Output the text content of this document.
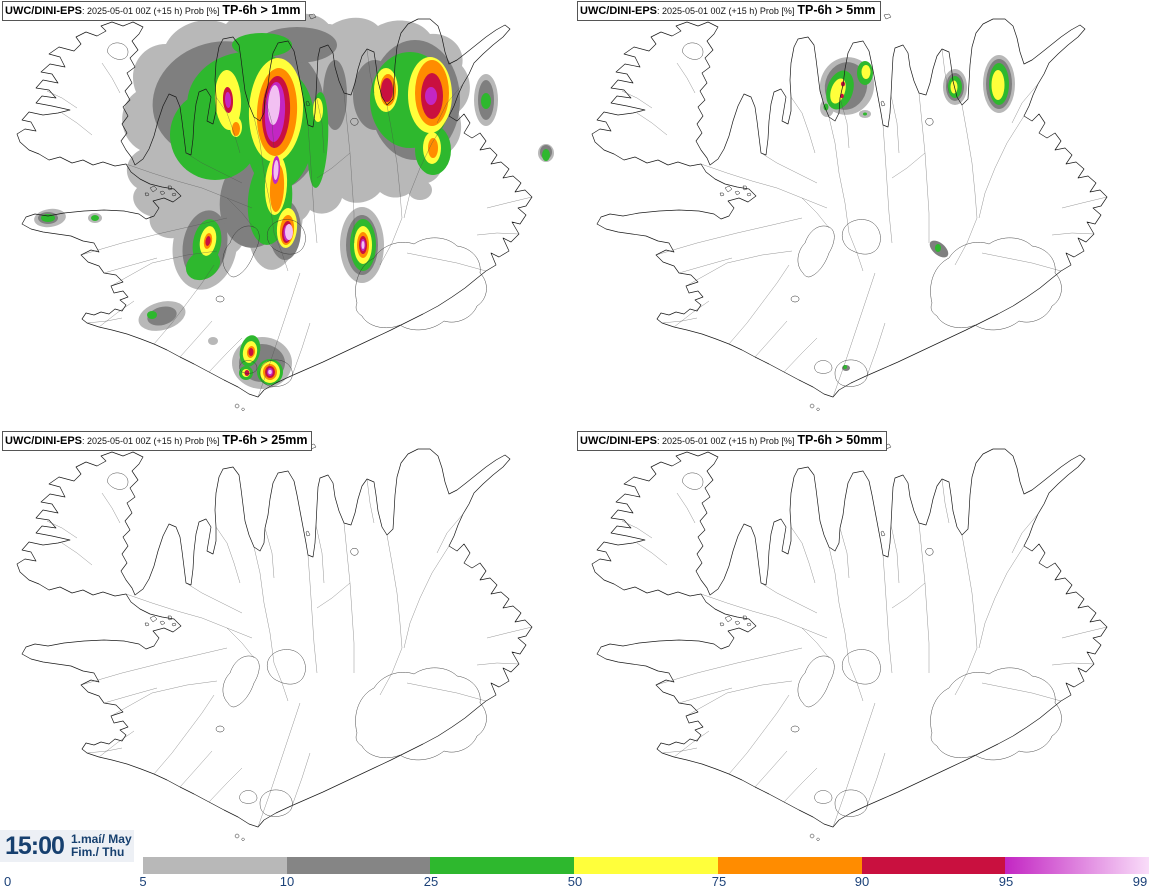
UWC/DINI-EPS: 2025-05-01 00Z (+15 h) Prob [%] TP-6h > 1mm	UWC/DINI-EPS: 2025-05-01 00Z (+15 h) Prob [%] TP-6h > 5mm
UWC/DINI-EPS: 2025-05-01 00Z (+15 h) Prob [%] TP-6h > 25mm	UWC/DINI-EPS: 2025-05-01 00Z (+15 h) Prob [%] TP-6h > 50mm
15:00 1.maí/ May
Fim./ Thu
0	5	10	25	50	75	90	95	99
